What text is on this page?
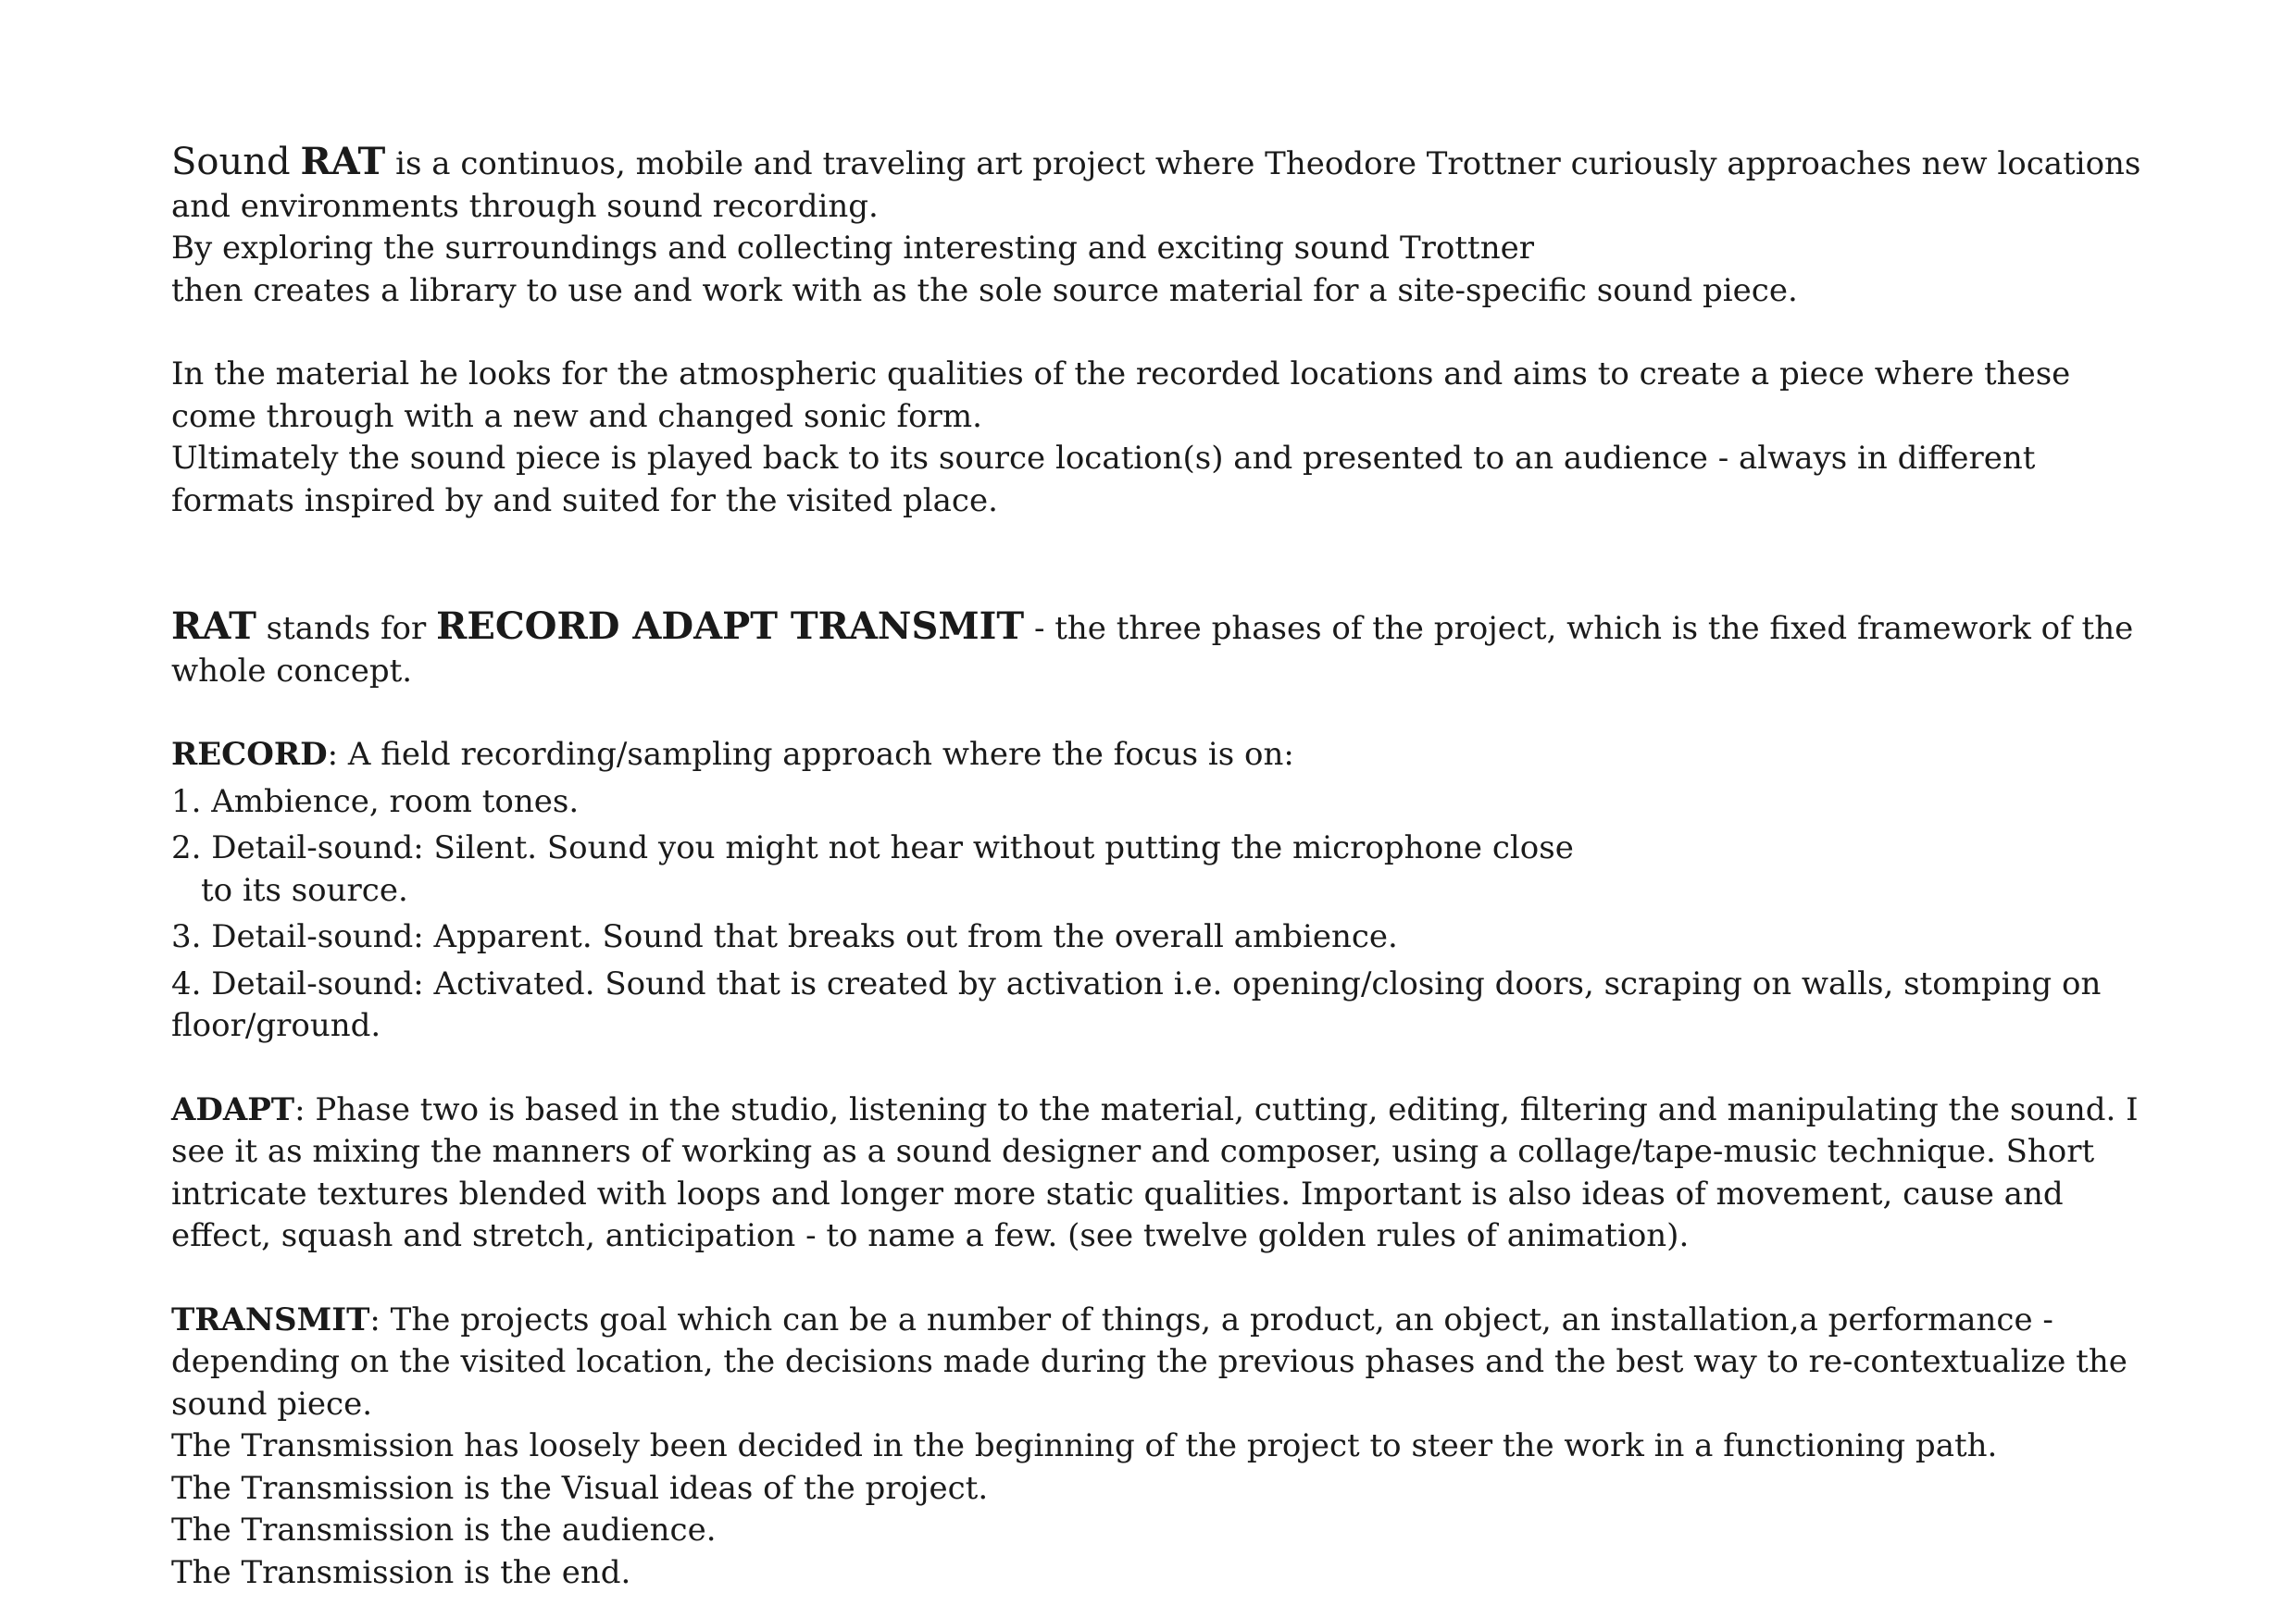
Sound RAT is a continuos, mobile and traveling art project where Theodore Trottner curiously approaches new locations and environments through sound recording.

By exploring the surroundings and collecting interesting and exciting sound Trottner

then creates a library to use and work with as the sole source material for a site-specific sound piece.

In the material he looks for the atmospheric qualities of the recorded locations and aims to create a piece where these come through with a new and changed sonic form.

Ultimately the sound piece is played back to its source location(s) and presented to an audience - always in different formats inspired by and suited for the visited place.

RAT stands for RECORD ADAPT TRANSMIT - the three phases of the project, which is the fixed framework of the whole concept.

RECORD: A field recording/sampling approach where the focus is on:

1. Ambience, room tones.

2. Detail-sound: Silent. Sound you might not hear without putting the microphone close

to its source.

3. Detail-sound: Apparent. Sound that breaks out from the overall ambience.

4. Detail-sound: Activated. Sound that is created by activation i.e. opening/closing doors, scraping on walls, stomping on floor/ground.

ADAPT: Phase two is based in the studio, listening to the material, cutting, editing, filtering and manipulating the sound. I see it as mixing the manners of working as a sound designer and composer, using a collage/tape-music technique. Short intricate textures blended with loops and longer more static qualities. Important is also ideas of movement, cause and effect, squash and stretch, anticipation - to name a few. (see twelve golden rules of animation).

TRANSMIT: The projects goal which can be a number of things, a product, an object, an installation,a performance - depending on the visited location, the decisions made during the previous phases and the best way to re-contextualize the sound piece.

The Transmission has loosely been decided in the beginning of the project to steer the work in a functioning path.

The Transmission is the Visual ideas of the project.

The Transmission is the audience.

The Transmission is the end.
